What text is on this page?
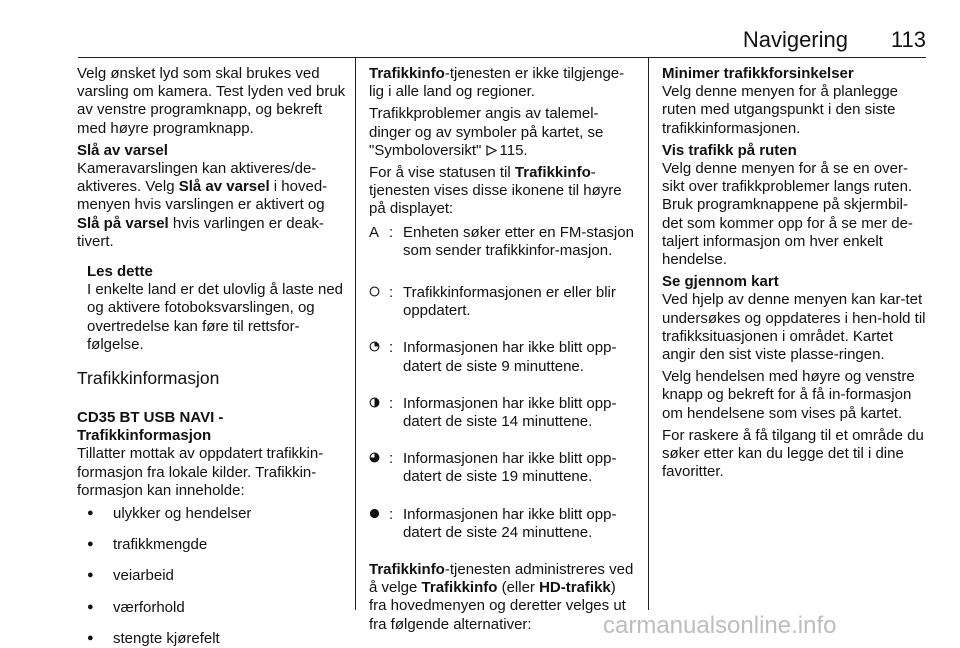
Navigering	113

Velg ønsket lyd som skal brukes ved varsling om kamera. Test lyden ved bruk av venstre programknapp, og bekreft med høyre programknapp.

Slå av varsel

Kameravarslingen kan aktiveres/de-aktiveres. Velg Slå av varsel i hoved-menyen hvis varslingen er aktivert og Slå på varsel hvis varlingen er deak-tivert.

Les dette
I enkelte land er det ulovlig å laste ned og aktivere fotoboksvarslingen, og overtredelse kan føre til rettsfor-følgelse.
Trafikkinformasjon

CD35 BT USB NAVI - Trafikkinformasjon

Tillatter mottak av oppdatert trafikkin-formasjon fra lokale kilder. Trafikkin-formasjon kan inneholde:

● ulykker og hendelser
● trafikkmengde
● veiarbeid
● værforhold
● stengte kjørefelt

Trafikkinfo-tjenesten er ikke tilgjenge-lig i alle land og regioner.

Trafikkproblemer angis av talemel-dinger og av symboler på kartet, se "Symboloversikt" 115.

For å vise statusen til Trafikkinfo-tjenesten vises disse ikonene til høyre på displayet:

A : Enheten søker etter en FM-stasjon som sender trafikkinfor-masjon.
: Trafikkinformasjonen er eller blir oppdatert.
: Informasjonen har ikke blitt opp-datert de siste 9 minuttene.
: Informasjonen har ikke blitt opp-datert de siste 14 minuttene.
: Informasjonen har ikke blitt opp-datert de siste 19 minuttene.
: Informasjonen har ikke blitt opp-datert de siste 24 minuttene.

Trafikkinfo-tjenesten administreres ved å velge Trafikkinfo (eller HD-trafikk) fra hovedmenyen og deretter velges ut fra følgende alternativer:

Minimer trafikkforsinkelser

Velg denne menyen for å planlegge ruten med utgangspunkt i den siste trafikkinformasjonen.

Vis trafikk på ruten

Velg denne menyen for å se en over-sikt over trafikkproblemer langs ruten. Bruk programknappene på skjermbil-det som kommer opp for å se mer de-taljert informasjon om hver enkelt hendelse.

Se gjennom kart

Ved hjelp av denne menyen kan kar-tet undersøkes og oppdateres i hen-hold til trafikksituasjonen i området. Kartet angir den sist viste plasse-ringen.

Velg hendelsen med høyre og venstre knapp og bekreft for å få in-formasjon om hendelsene som vises på kartet.

For raskere å få tilgang til et område du søker etter kan du legge det til i dine favoritter.

carmanualsonline.info
